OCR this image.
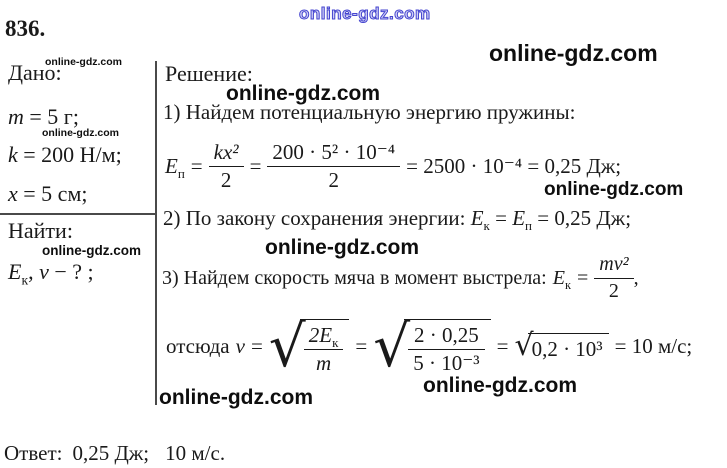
online-gdz.com
online-gdz.com
online-gdz.com
online-gdz.com
online-gdz.com
online-gdz.com
online-gdz.com
online-gdz.com
online-gdz.com
online-gdz.com
836.
Дано:
m = 5 г;
k = 200 Н/м;
x = 5 см;
Найти:
$E_к$, v − ? ;
Решение:
1) Найдем потенциальную энергию пружины:
$E_п = \frac{\text{kx²}}{2} = \frac{\text{200 · 5² · 10⁻⁴}}{2} = 2500 \cdot 10^{-4} = 0,25$ Дж;
2) По закону сохранения энергии: $E_к = E_п = 0,25$ Дж;
3) Найдем скорость мяча в момент выстрела: $E_к = \frac{\text{mv²}}{2}$ ,
отсюда v = √
$\frac{2E_к}{m}$ = √
$\frac{2 \cdot 0,25}{\text{5 · 10⁻³}}$ = √
0,2 · 10³ = 10 м/с;
Ответ: 0,25 Дж; 10 м/с.
